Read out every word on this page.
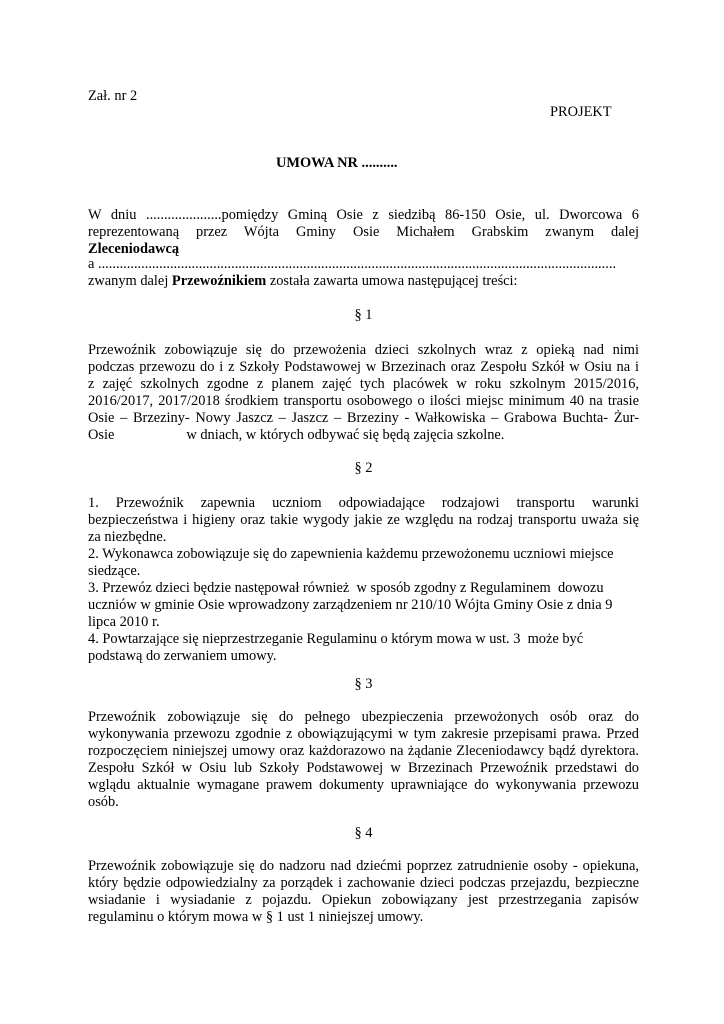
Zał. nr 2
PROJEKT
UMOWA NR ..........
W dniu .....................pomiędzy Gminą Osie z siedzibą 86-150 Osie, ul. Dworcowa 6
reprezentowaną przez Wójta Gminy Osie Michałem Grabskim zwanym dalej
Zleceniodawcą
a ................................................................................................................................................
zwanym dalej Przewoźnikiem została zawarta umowa następującej treści:
§ 1
Przewoźnik zobowiązuje się do przewożenia dzieci szkolnych wraz z opieką nad nimi
podczas przewozu do i z Szkoły Podstawowej w Brzezinach oraz Zespołu Szkół w Osiu na i
z zajęć szkolnych zgodne z planem zajęć tych placówek w roku szkolnym 2015/2016,
2016/2017, 2017/2018 środkiem transportu osobowego o ilości miejsc minimum 40 na trasie
Osie – Brzeziny- Nowy Jaszcz – Jaszcz – Brzeziny - Wałkowiska – Grabowa Buchta- Żur-
Osie                    w dniach, w których odbywać się będą zajęcia szkolne.
§ 2
1. Przewoźnik zapewnia uczniom odpowiadające rodzajowi transportu warunki
bezpieczeństwa i higieny oraz takie wygody jakie ze względu na rodzaj transportu uważa się
za niezbędne.
2. Wykonawca zobowiązuje się do zapewnienia każdemu przewożonemu uczniowi miejsce
siedzące.
3. Przewóz dzieci będzie następował również  w sposób zgodny z Regulaminem  dowozu
uczniów w gminie Osie wprowadzony zarządzeniem nr 210/10 Wójta Gminy Osie z dnia 9
lipca 2010 r.
4. Powtarzające się nieprzestrzeganie Regulaminu o którym mowa w ust. 3  może być
podstawą do zerwaniem umowy.
§ 3
Przewoźnik zobowiązuje się do pełnego ubezpieczenia przewożonych osób oraz do
wykonywania przewozu zgodnie z obowiązującymi w tym zakresie przepisami prawa. Przed
rozpoczęciem niniejszej umowy oraz każdorazowo na żądanie Zleceniodawcy bądź dyrektora.
Zespołu Szkół w Osiu lub Szkoły Podstawowej w Brzezinach Przewoźnik przedstawi do
wglądu aktualnie wymagane prawem dokumenty uprawniające do wykonywania przewozu
osób.
§ 4
Przewoźnik zobowiązuje się do nadzoru nad dziećmi poprzez zatrudnienie osoby - opiekuna,
który będzie odpowiedzialny za porządek i zachowanie dzieci podczas przejazdu, bezpieczne
wsiadanie i wysiadanie z pojazdu. Opiekun zobowiązany jest przestrzegania zapisów
regulaminu o którym mowa w § 1 ust 1 niniejszej umowy.
